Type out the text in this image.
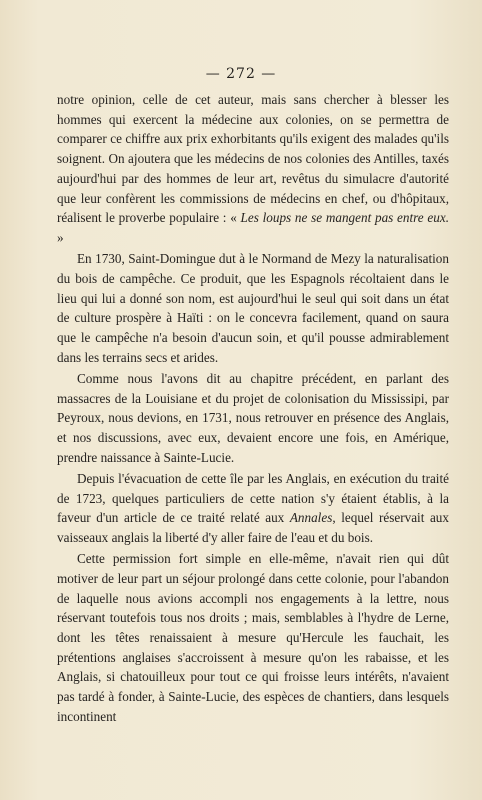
— 272 —

notre opinion, celle de cet auteur, mais sans chercher à blesser les hommes qui exercent la médecine aux colonies, on se permettra de comparer ce chiffre aux prix exhorbitants qu'ils exigent des malades qu'ils soignent. On ajoutera que les médecins de nos colonies des Antilles, taxés aujourd'hui par des hommes de leur art, revêtus du simulacre d'autorité que leur confèrent les commissions de médecins en chef, ou d'hôpitaux, réalisent le proverbe populaire : « Les loups ne se mangent pas entre eux. »

En 1730, Saint-Domingue dut à le Normand de Mezy la naturalisation du bois de campêche. Ce produit, que les Espagnols récoltaient dans le lieu qui lui a donné son nom, est aujourd'hui le seul qui soit dans un état de culture prospère à Haïti : on le concevra facilement, quand on saura que le campêche n'a besoin d'aucun soin, et qu'il pousse admirablement dans les terrains secs et arides.

Comme nous l'avons dit au chapitre précédent, en parlant des massacres de la Louisiane et du projet de colonisation du Mississipi, par Peyroux, nous devions, en 1731, nous retrouver en présence des Anglais, et nos discussions, avec eux, devaient encore une fois, en Amérique, prendre naissance à Sainte-Lucie.

Depuis l'évacuation de cette île par les Anglais, en exécution du traité de 1723, quelques particuliers de cette nation s'y étaient établis, à la faveur d'un article de ce traité relaté aux Annales, lequel réservait aux vaisseaux anglais la liberté d'y aller faire de l'eau et du bois.

Cette permission fort simple en elle-même, n'avait rien qui dût motiver de leur part un séjour prolongé dans cette colonie, pour l'abandon de laquelle nous avions accompli nos engagements à la lettre, nous réservant toutefois tous nos droits ; mais, semblables à l'hydre de Lerne, dont les têtes renaissaient à mesure qu'Hercule les fauchait, les prétentions anglaises s'accroissent à mesure qu'on les rabaisse, et les Anglais, si chatouilleux pour tout ce qui froisse leurs intérêts, n'avaient pas tardé à fonder, à Sainte-Lucie, des espèces de chantiers, dans lesquels incontinent
